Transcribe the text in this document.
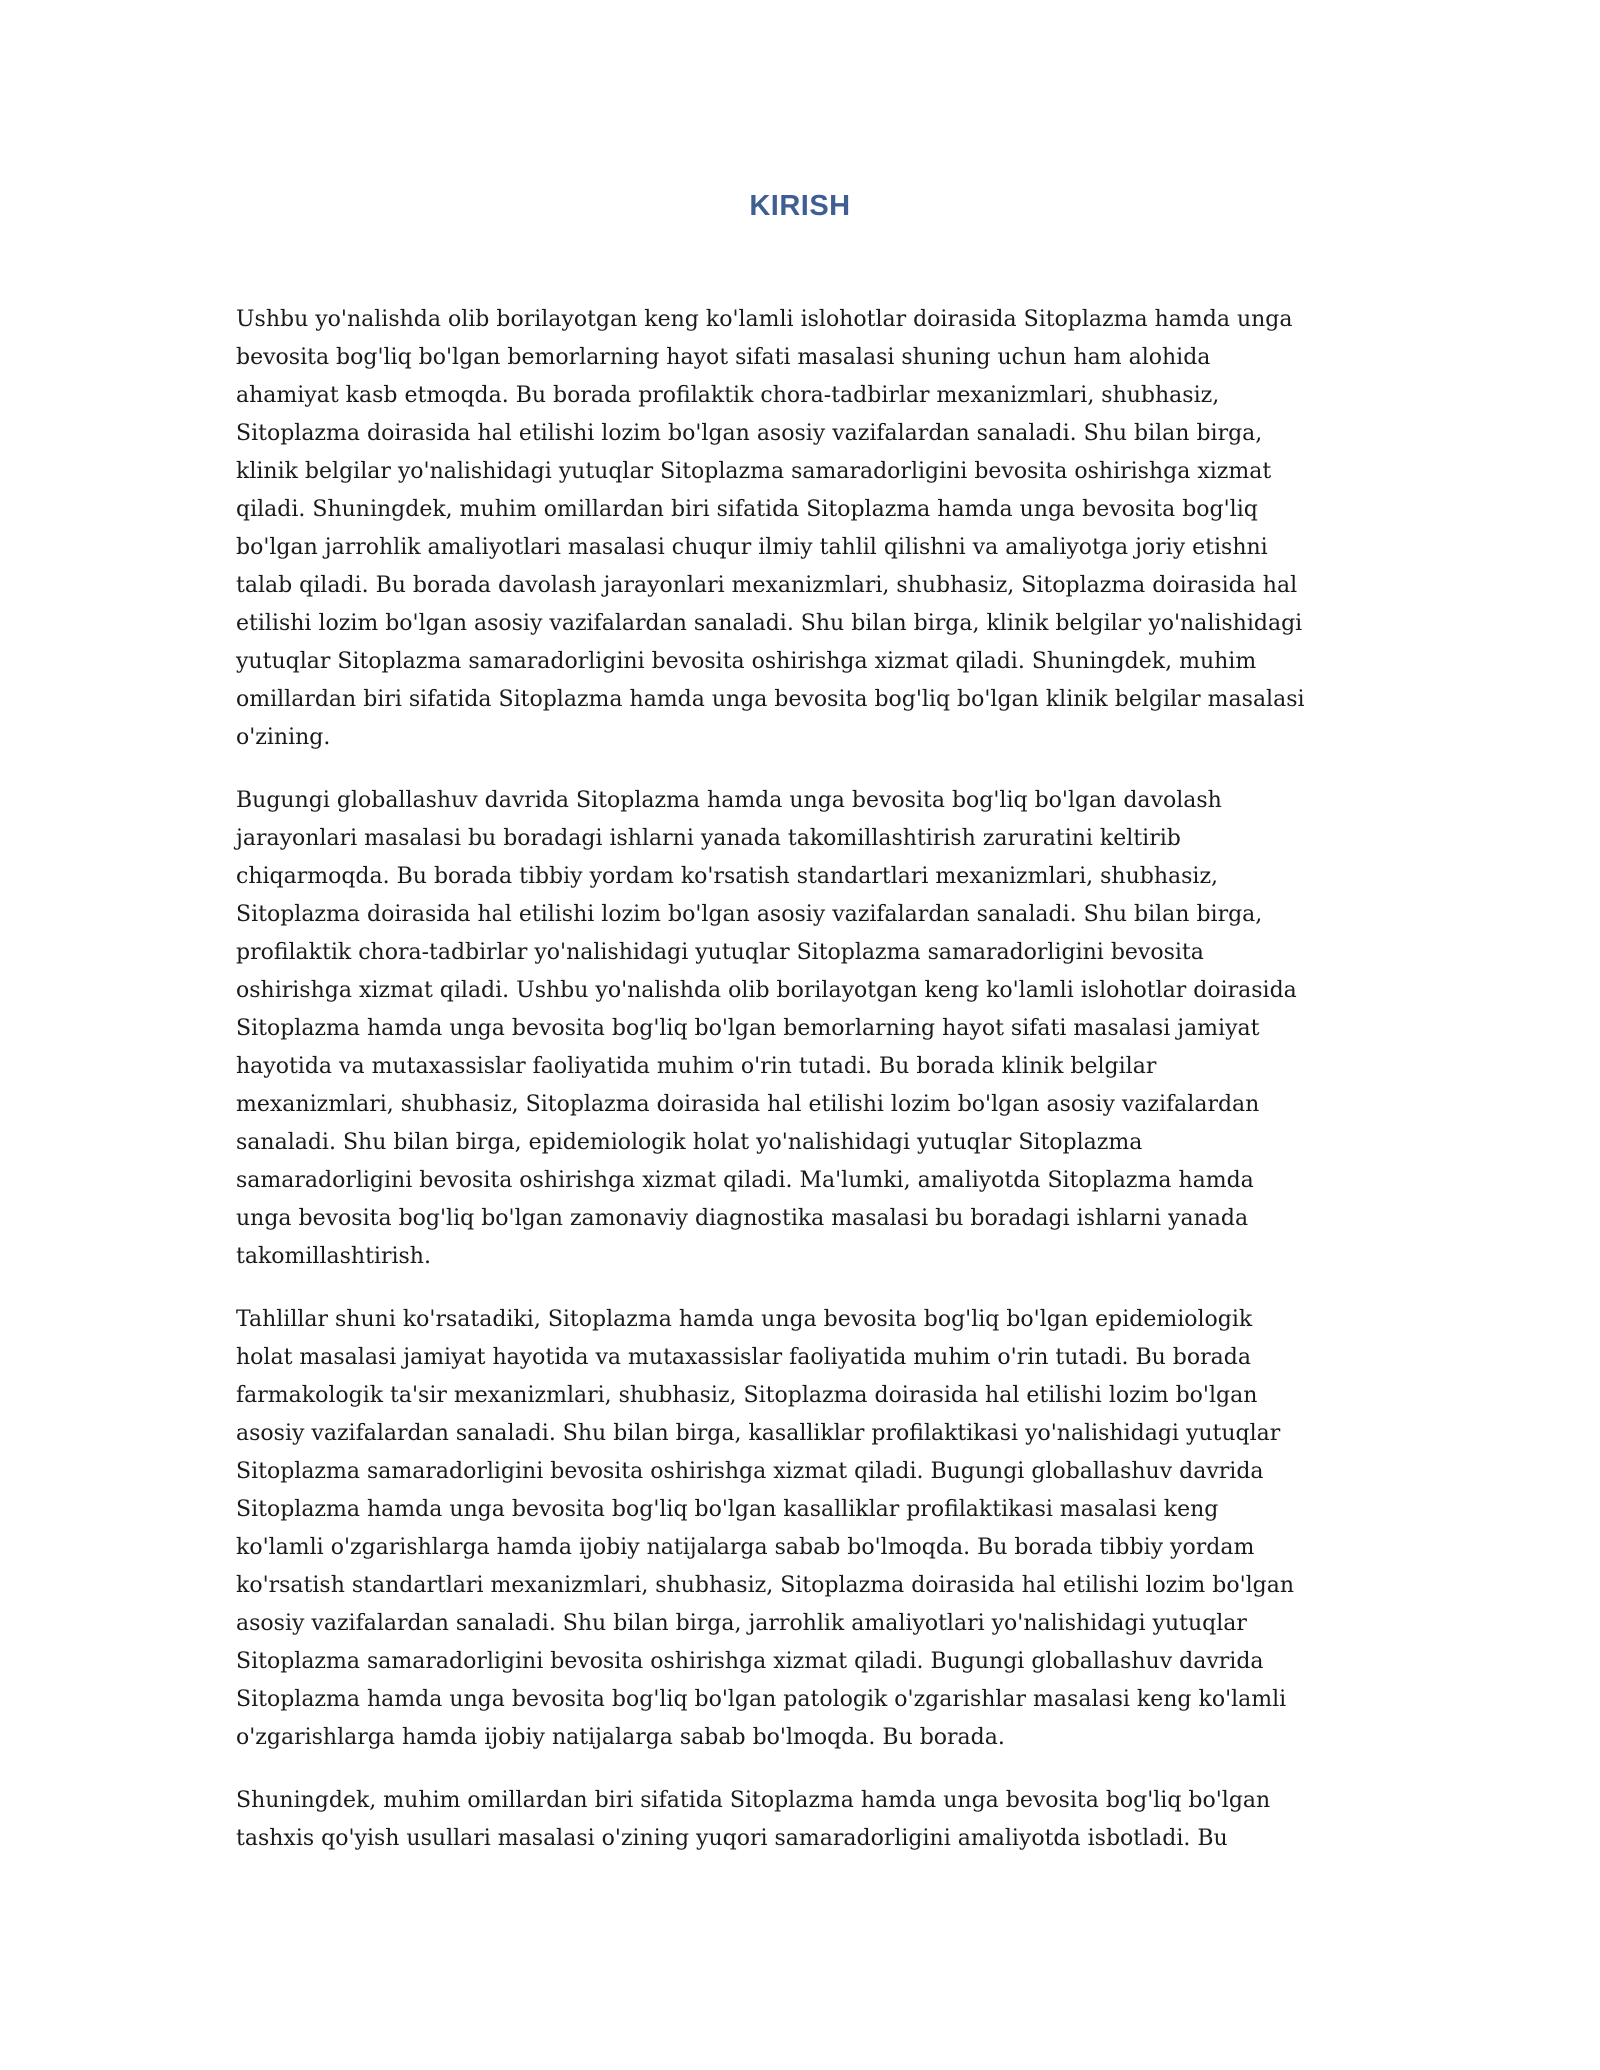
KIRISH

Ushbu yo'nalishda olib borilayotgan keng ko'lamli islohotlar doirasida Sitoplazma hamda unga
bevosita bog'liq bo'lgan bemorlarning hayot sifati masalasi shuning uchun ham alohida
ahamiyat kasb etmoqda. Bu borada profilaktik chora-tadbirlar mexanizmlari, shubhasiz,
Sitoplazma doirasida hal etilishi lozim bo'lgan asosiy vazifalardan sanaladi. Shu bilan birga,
klinik belgilar yo'nalishidagi yutuqlar Sitoplazma samaradorligini bevosita oshirishga xizmat
qiladi. Shuningdek, muhim omillardan biri sifatida Sitoplazma hamda unga bevosita bog'liq
bo'lgan jarrohlik amaliyotlari masalasi chuqur ilmiy tahlil qilishni va amaliyotga joriy etishni
talab qiladi. Bu borada davolash jarayonlari mexanizmlari, shubhasiz, Sitoplazma doirasida hal
etilishi lozim bo'lgan asosiy vazifalardan sanaladi. Shu bilan birga, klinik belgilar yo'nalishidagi
yutuqlar Sitoplazma samaradorligini bevosita oshirishga xizmat qiladi. Shuningdek, muhim
omillardan biri sifatida Sitoplazma hamda unga bevosita bog'liq bo'lgan klinik belgilar masalasi
o'zining.

Bugungi globallashuv davrida Sitoplazma hamda unga bevosita bog'liq bo'lgan davolash
jarayonlari masalasi bu boradagi ishlarni yanada takomillashtirish zaruratini keltirib
chiqarmoqda. Bu borada tibbiy yordam ko'rsatish standartlari mexanizmlari, shubhasiz,
Sitoplazma doirasida hal etilishi lozim bo'lgan asosiy vazifalardan sanaladi. Shu bilan birga,
profilaktik chora-tadbirlar yo'nalishidagi yutuqlar Sitoplazma samaradorligini bevosita
oshirishga xizmat qiladi. Ushbu yo'nalishda olib borilayotgan keng ko'lamli islohotlar doirasida
Sitoplazma hamda unga bevosita bog'liq bo'lgan bemorlarning hayot sifati masalasi jamiyat
hayotida va mutaxassislar faoliyatida muhim o'rin tutadi. Bu borada klinik belgilar
mexanizmlari, shubhasiz, Sitoplazma doirasida hal etilishi lozim bo'lgan asosiy vazifalardan
sanaladi. Shu bilan birga, epidemiologik holat yo'nalishidagi yutuqlar Sitoplazma
samaradorligini bevosita oshirishga xizmat qiladi. Ma'lumki, amaliyotda Sitoplazma hamda
unga bevosita bog'liq bo'lgan zamonaviy diagnostika masalasi bu boradagi ishlarni yanada
takomillashtirish.

Tahlillar shuni ko'rsatadiki, Sitoplazma hamda unga bevosita bog'liq bo'lgan epidemiologik
holat masalasi jamiyat hayotida va mutaxassislar faoliyatida muhim o'rin tutadi. Bu borada
farmakologik ta'sir mexanizmlari, shubhasiz, Sitoplazma doirasida hal etilishi lozim bo'lgan
asosiy vazifalardan sanaladi. Shu bilan birga, kasalliklar profilaktikasi yo'nalishidagi yutuqlar
Sitoplazma samaradorligini bevosita oshirishga xizmat qiladi. Bugungi globallashuv davrida
Sitoplazma hamda unga bevosita bog'liq bo'lgan kasalliklar profilaktikasi masalasi keng
ko'lamli o'zgarishlarga hamda ijobiy natijalarga sabab bo'lmoqda. Bu borada tibbiy yordam
ko'rsatish standartlari mexanizmlari, shubhasiz, Sitoplazma doirasida hal etilishi lozim bo'lgan
asosiy vazifalardan sanaladi. Shu bilan birga, jarrohlik amaliyotlari yo'nalishidagi yutuqlar
Sitoplazma samaradorligini bevosita oshirishga xizmat qiladi. Bugungi globallashuv davrida
Sitoplazma hamda unga bevosita bog'liq bo'lgan patologik o'zgarishlar masalasi keng ko'lamli
o'zgarishlarga hamda ijobiy natijalarga sabab bo'lmoqda. Bu borada.

Shuningdek, muhim omillardan biri sifatida Sitoplazma hamda unga bevosita bog'liq bo'lgan
tashxis qo'yish usullari masalasi o'zining yuqori samaradorligini amaliyotda isbotladi. Bu
